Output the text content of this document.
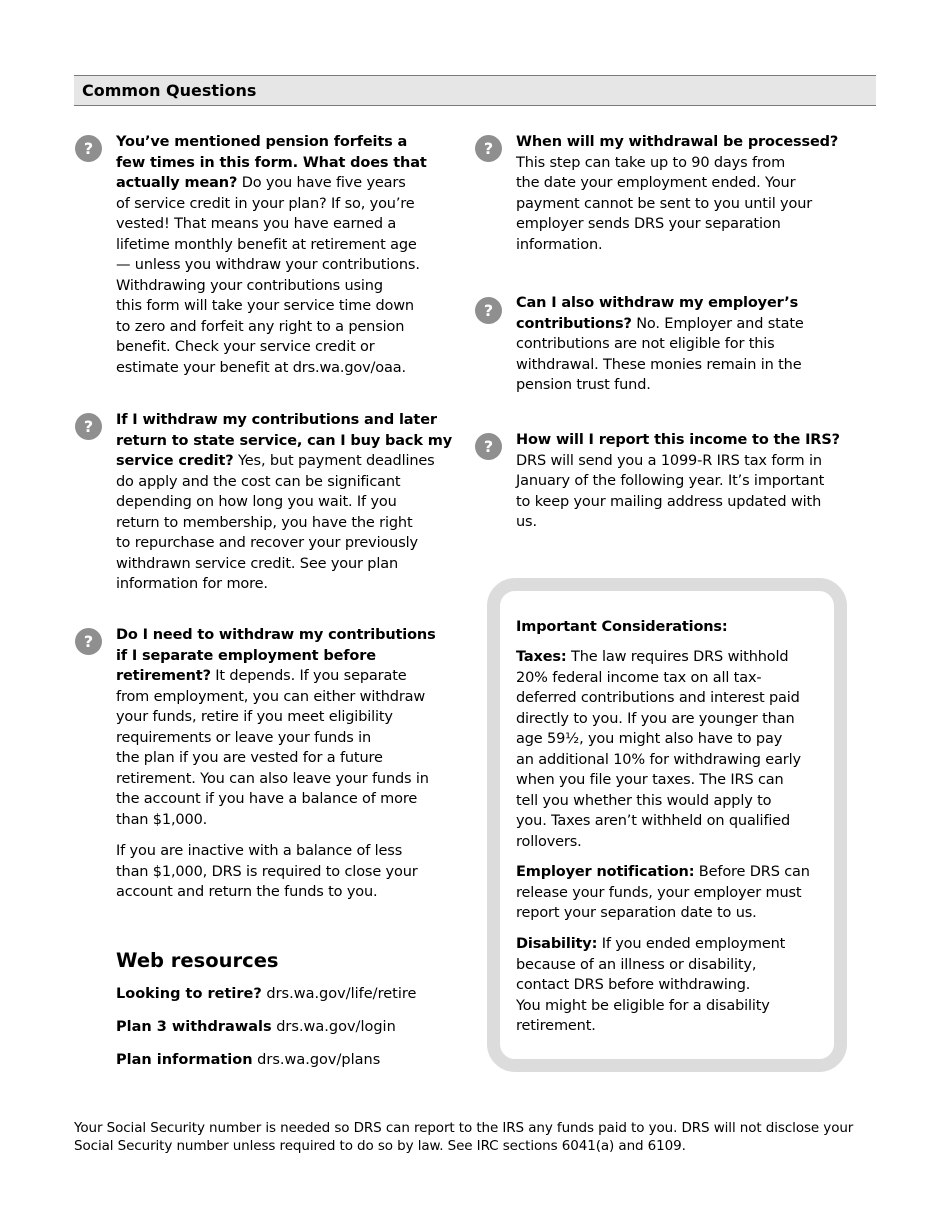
Common Questions
?	You’ve mentioned pension forfeits a
few times in this form. What does that
actually mean? Do you have five years
of service credit in your plan? If so, you’re
vested! That means you have earned a
lifetime monthly benefit at retirement age
— unless you withdraw your contributions.
Withdrawing your contributions using
this form will take your service time down
to zero and forfeit any right to a pension
benefit. Check your service credit or
estimate your benefit at drs.wa.gov/oaa.
?	If I withdraw my contributions and later
return to state service, can I buy back my
service credit? Yes, but payment deadlines
do apply and the cost can be significant
depending on how long you wait. If you
return to membership, you have the right
to repurchase and recover your previously
withdrawn service credit. See your plan
information for more.
?	Do I need to withdraw my contributions
if I separate employment before
retirement? It depends. If you separate
from employment, you can either withdraw
your funds, retire if you meet eligibility
requirements or leave your funds in
the plan if you are vested for a future
retirement. You can also leave your funds in
the account if you have a balance of more
than $1,000.
If you are inactive with a balance of less
than $1,000, DRS is required to close your
account and return the funds to you.
Web resources
Looking to retire? drs.wa.gov/life/retire
Plan 3 withdrawals drs.wa.gov/login
Plan information drs.wa.gov/plans
?	When will my withdrawal be processed?
This step can take up to 90 days from
the date your employment ended. Your
payment cannot be sent to you until your
employer sends DRS your separation
information.
?	Can I also withdraw my employer’s
contributions? No. Employer and state
contributions are not eligible for this
withdrawal. These monies remain in the
pension trust fund.
?	How will I report this income to the IRS?
DRS will send you a 1099-R IRS tax form in
January of the following year. It’s important
to keep your mailing address updated with
us.
Important Considerations:
Taxes: The law requires DRS withhold
20% federal income tax on all tax-
deferred contributions and interest paid
directly to you. If you are younger than
age 59½, you might also have to pay
an additional 10% for withdrawing early
when you file your taxes. The IRS can
tell you whether this would apply to
you. Taxes aren’t withheld on qualified
rollovers.
Employer notification: Before DRS can
release your funds, your employer must
report your separation date to us.
Disability: If you ended employment
because of an illness or disability,
contact DRS before withdrawing.
You might be eligible for a disability
retirement.
Your Social Security number is needed so DRS can report to the IRS any funds paid to you. DRS will not disclose your
Social Security number unless required to do so by law. See IRC sections 6041(a) and 6109.
